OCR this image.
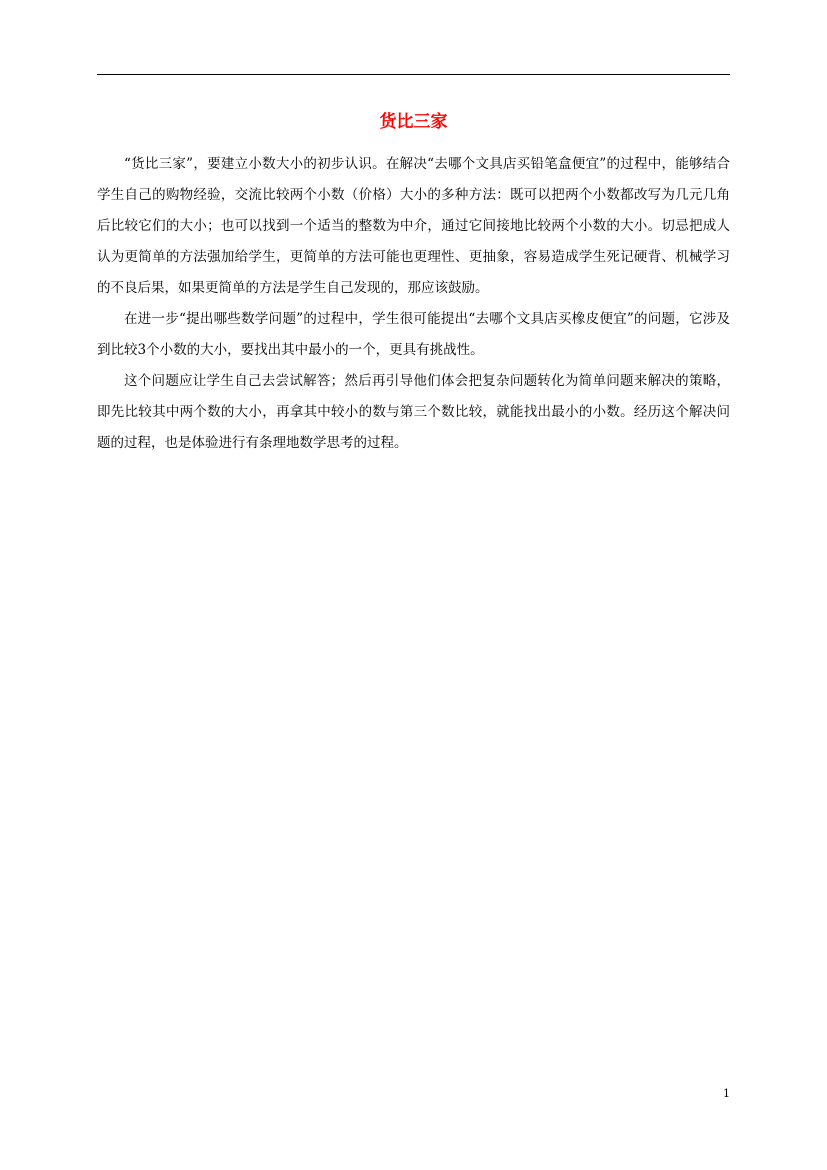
货比三家

“货比三家”，要建立小数大小的初步认识。在解决“去哪个文具店买铅笔盒便宜”的过程中，能够结合学生自己的购物经验，交流比较两个小数（价格）大小的多种方法：既可以把两个小数都改写为几元几角后比较它们的大小；也可以找到一个适当的整数为中介，通过它间接地比较两个小数的大小。切忌把成人认为更简单的方法强加给学生，更简单的方法可能也更理性、更抽象，容易造成学生死记硬背、机械学习的不良后果，如果更简单的方法是学生自己发现的，那应该鼓励。

在进一步“提出哪些数学问题”的过程中，学生很可能提出“去哪个文具店买橡皮便宜”的问题，它涉及到比较3个小数的大小，要找出其中最小的一个，更具有挑战性。

这个问题应让学生自己去尝试解答；然后再引导他们体会把复杂问题转化为简单问题来解决的策略，即先比较其中两个数的大小，再拿其中较小的数与第三个数比较，就能找出最小的小数。经历这个解决问题的过程，也是体验进行有条理地数学思考的过程。

1
